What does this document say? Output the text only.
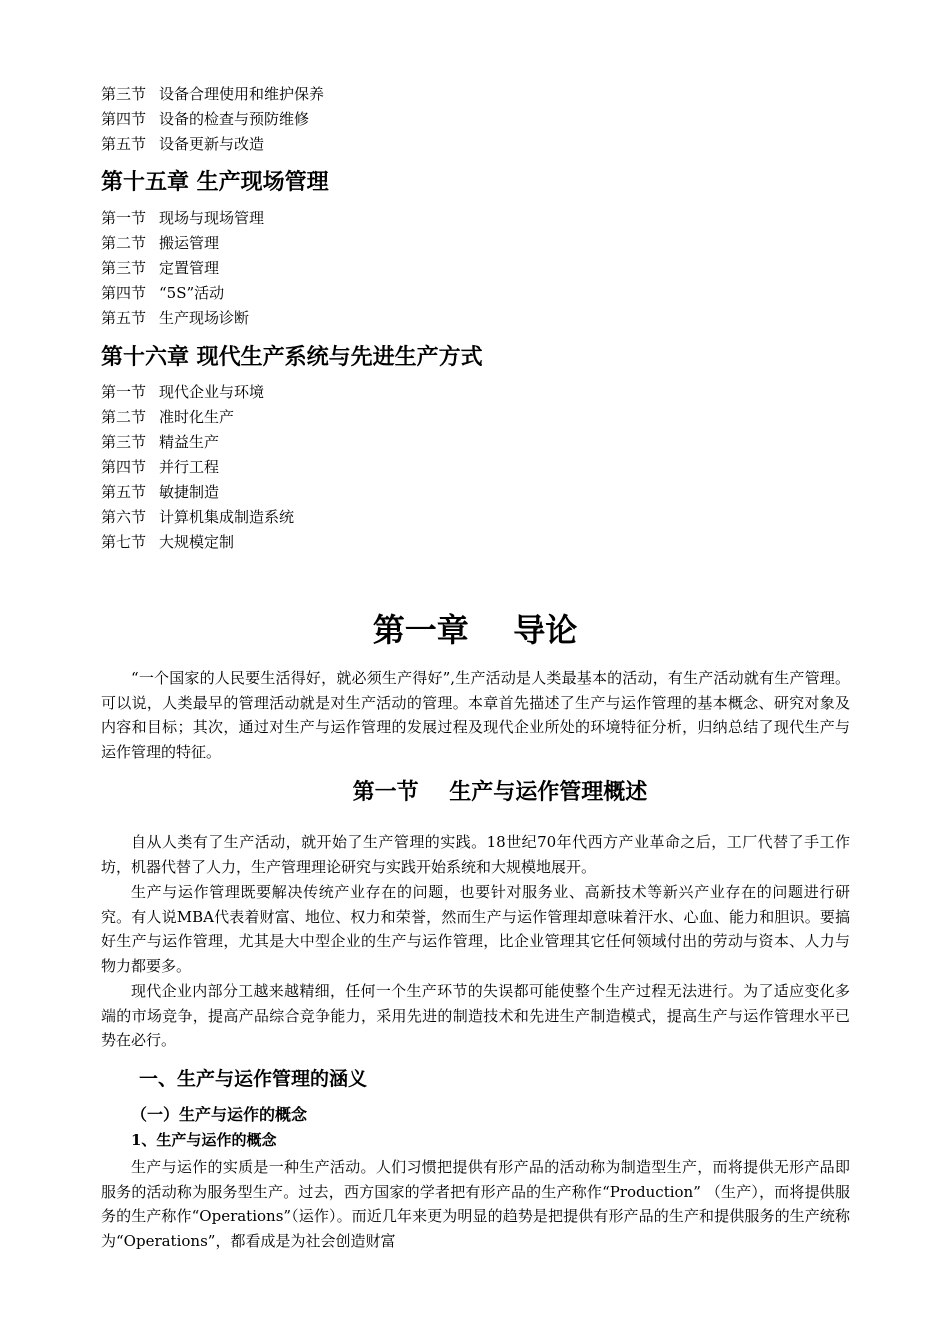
第三节 设备合理使用和维护保养
第四节 设备的检查与预防维修
第五节 设备更新与改造
第十五章 生产现场管理
第一节 现场与现场管理
第二节 搬运管理
第三节 定置管理
第四节 “5S”活动
第五节 生产现场诊断
第十六章 现代生产系统与先进生产方式
第一节 现代企业与环境
第二节 准时化生产
第三节 精益生产
第四节 并行工程
第五节 敏捷制造
第六节 计算机集成制造系统
第七节 大规模定制
第一章    导论

“一个国家的人民要生活得好，就必须生产得好”,生产活动是人类最基本的活动，有生产活动就有生产管理。可以说，人类最早的管理活动就是对生产活动的管理。本章首先描述了生产与运作管理的基本概念、研究对象及内容和目标；其次，通过对生产与运作管理的发展过程及现代企业所处的环境特征分析，归纳总结了现代生产与运作管理的特征。

第一节    生产与运作管理概述

自从人类有了生产活动，就开始了生产管理的实践。18世纪70年代西方产业革命之后，工厂代替了手工作坊，机器代替了人力，生产管理理论研究与实践开始系统和大规模地展开。

生产与运作管理既要解决传统产业存在的问题，也要针对服务业、高新技术等新兴产业存在的问题进行研究。有人说MBA代表着财富、地位、权力和荣誉，然而生产与运作管理却意味着汗水、心血、能力和胆识。要搞好生产与运作管理，尤其是大中型企业的生产与运作管理，比企业管理其它任何领域付出的劳动与资本、人力与物力都要多。

现代企业内部分工越来越精细，任何一个生产环节的失误都可能使整个生产过程无法进行。为了适应变化多端的市场竞争，提高产品综合竞争能力，采用先进的制造技术和先进生产制造模式，提高生产与运作管理水平已势在必行。

一、生产与运作管理的涵义
（一）生产与运作的概念
1、生产与运作的概念

生产与运作的实质是一种生产活动。人们习惯把提供有形产品的活动称为制造型生产，而将提供无形产品即服务的活动称为服务型生产。过去，西方国家的学者把有形产品的生产称作“Production” （生产），而将提供服务的生产称作“Operations”（运作）。而近几年来更为明显的趋势是把提供有形产品的生产和提供服务的生产统称为“Operations”，都看成是为社会创造财富
